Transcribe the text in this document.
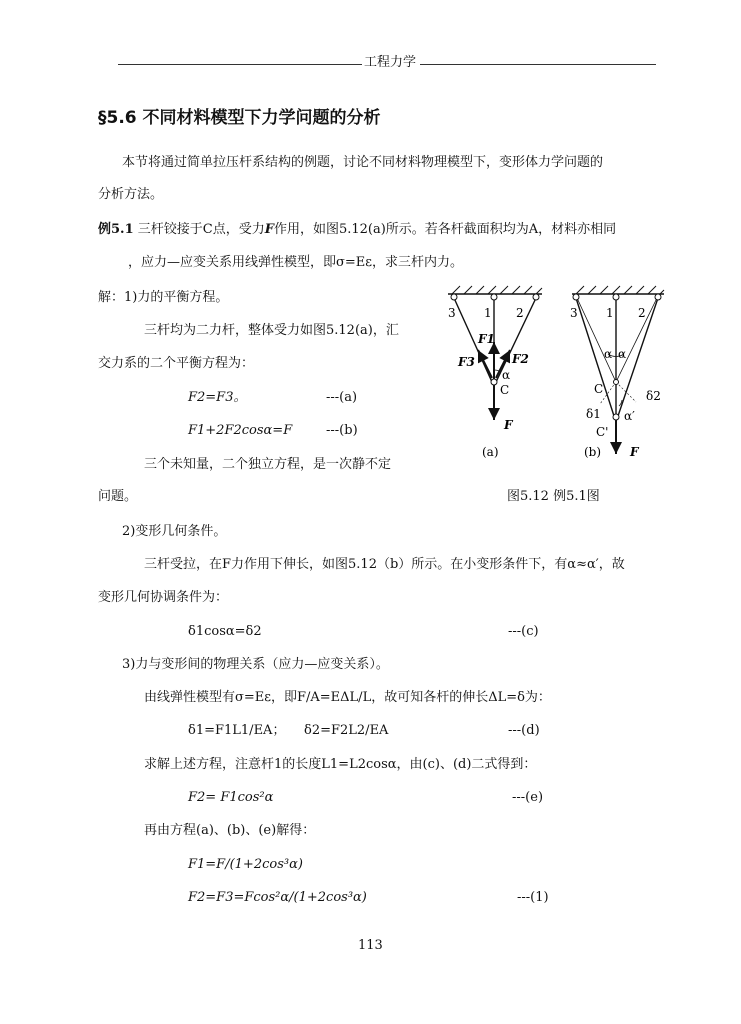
工程力学
§5.6 不同材料模型下力学问题的分析
本节将通过简单拉压杆系结构的例题，讨论不同材料物理模型下，变形体力学问题的
分析方法。
例5.1 三杆铰接于C点，受力F作用，如图5.12(a)所示。若各杆截面积均为A，材料亦相同
，应力—应变关系用线弹性模型，即σ=Eε，求三杆内力。
解：1)力的平衡方程。
三杆均为二力杆，整体受力如图5.12(a)，汇
交力系的二个平衡方程为：
F2=F3。	---(a)
F1+2F2cosα=F	---(b)
三个未知量，二个独立方程，是一次静不定
问题。
3 1 2
F1
F3	F2
α
C
F
(a)
3 1 2
α α
C	δ2
δ1 α′
C'
F
(b)
图5.12 例5.1图
2)变形几何条件。
三杆受拉，在F力作用下伸长，如图5.12（b）所示。在小变形条件下，有α≈α′，故
变形几何协调条件为：
δ1cosα=δ2	---(c)
3)力与变形间的物理关系（应力—应变关系）。
由线弹性模型有σ=Eε，即F/A=EΔL/L，故可知各杆的伸长ΔL=δ为：
δ1=F1L1/EA； δ2=F2L2/EA	---(d)
求解上述方程，注意杆1的长度L1=L2cosα，由(c)、(d)二式得到：
F2= F1cos²α	---(e)
再由方程(a)、(b)、(e)解得：
F1=F/(1+2cos³α)
F2=F3=Fcos²α/(1+2cos³α)	---(1)
113
